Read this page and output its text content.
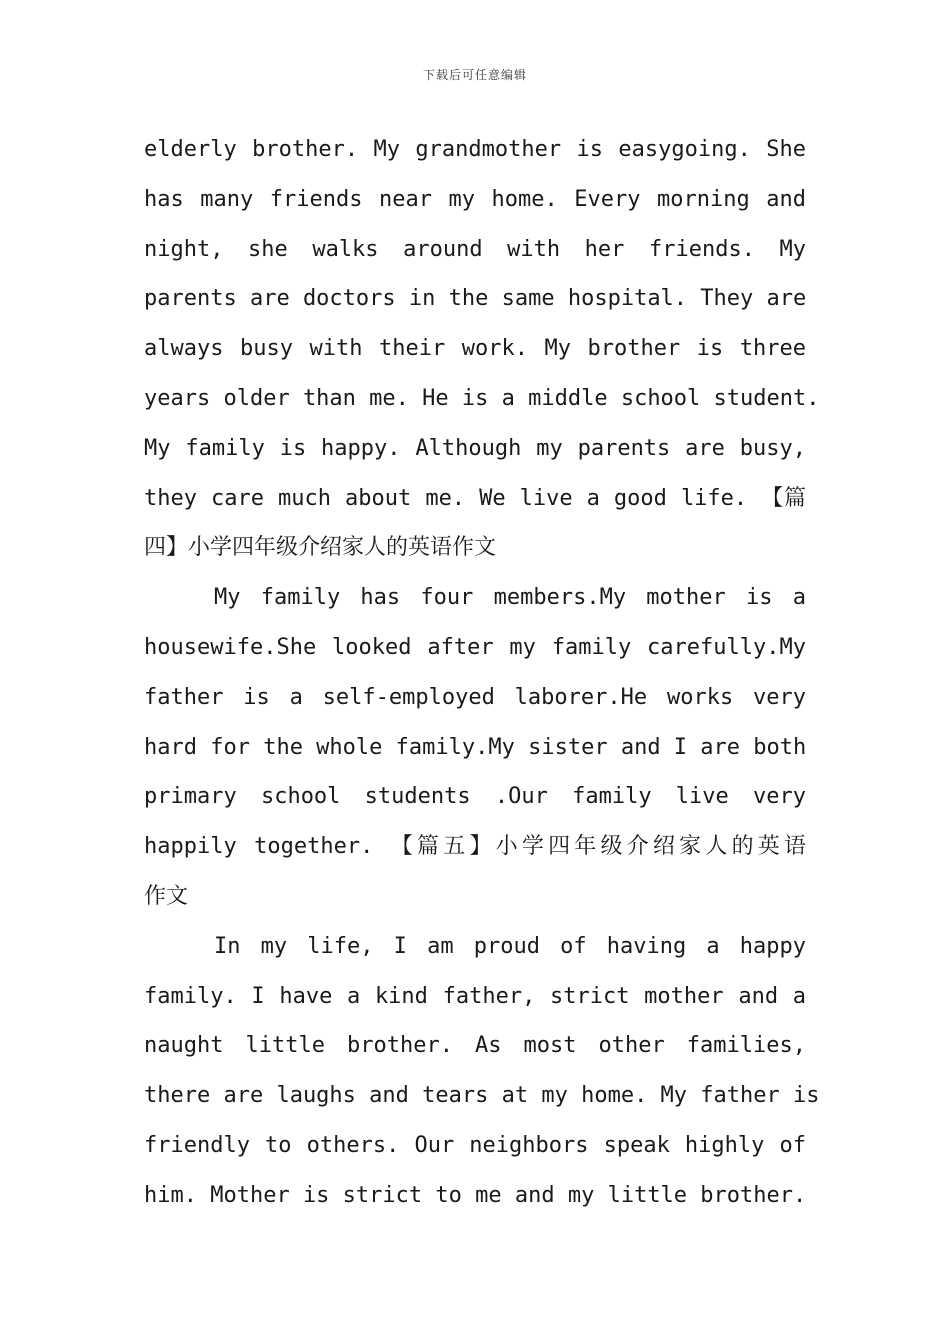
下载后可任意编辑
elderly brother. My grandmother is easygoing. She
has many friends near my home. Every morning and
night, she walks around with her friends. My
parents are doctors in the same hospital. They are
always busy with their work. My brother is three
years older than me. He is a middle school student.
My family is happy. Although my parents are busy,
they care much about me. We live a good life. 【篇
四】小学四年级介绍家人的英语作文
My family has four members.My mother is a
housewife.She looked after my family carefully.My
father is a self-employed laborer.He works very
hard for the whole family.My sister and I are both
primary school students .Our family live very
happily together. 【篇五】小学四年级介绍家人的英语
作文
In my life, I am proud of having a happy
family. I have a kind father, strict mother and a
naught little brother. As most other families,
there are laughs and tears at my home. My father is
friendly to others. Our neighbors speak highly of
him. Mother is strict to me and my little brother.
